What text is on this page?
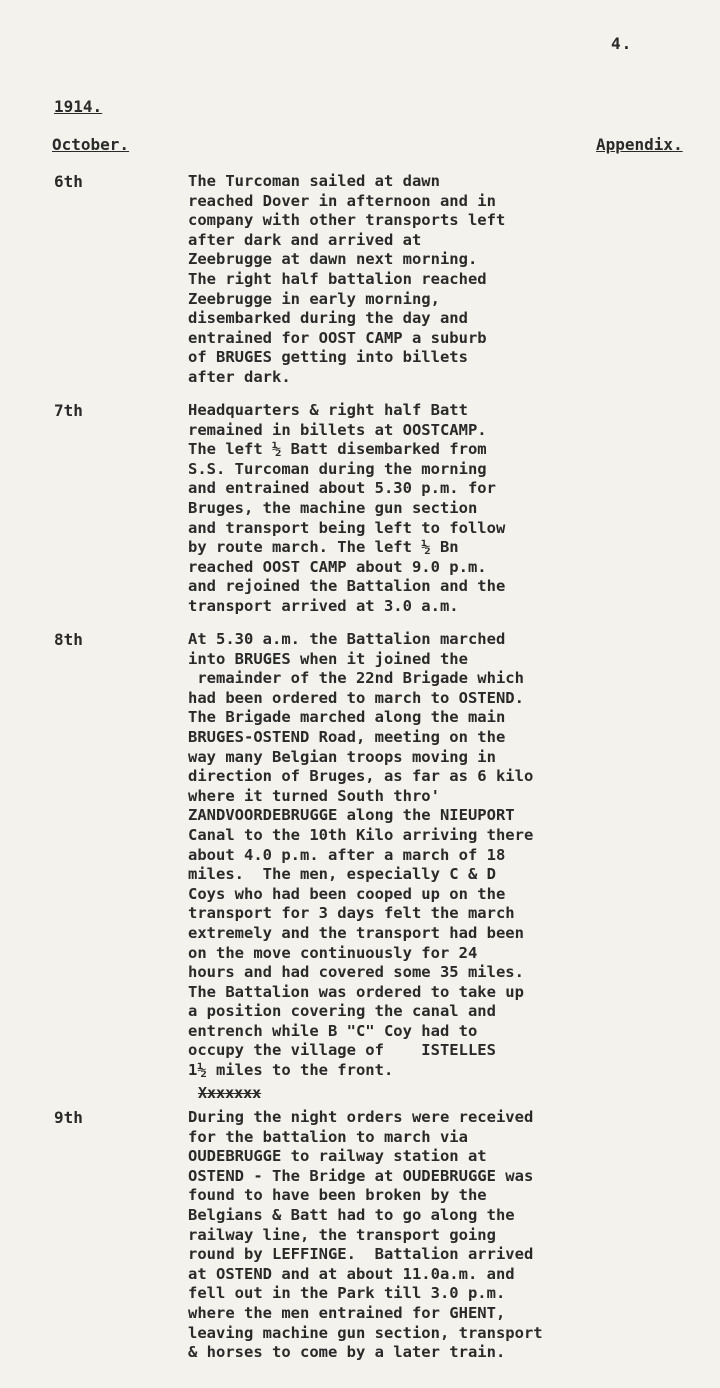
4.
1914.
October.	Appendix.
6th	The Turcoman sailed at dawn
reached Dover in afternoon and in
company with other transports left
after dark and arrived at
Zeebrugge at dawn next morning.
The right half battalion reached
Zeebrugge in early morning,
disembarked during the day and
entrained for OOST CAMP a suburb
of BRUGES getting into billets
after dark.
7th	Headquarters & right half Batt
remained in billets at OOSTCAMP.
The left ½ Batt disembarked from
S.S. Turcoman during the morning
and entrained about 5.30 p.m. for
Bruges, the machine gun section
and transport being left to follow
by route march. The left ½ Bn
reached OOST CAMP about 9.0 p.m.
and rejoined the Battalion and the
transport arrived at 3.0 a.m.
8th	At 5.30 a.m. the Battalion marched
into BRUGES when it joined the
remainder of the 22nd Brigade which
had been ordered to march to OSTEND.
The Brigade marched along the main
BRUGES-OSTEND Road, meeting on the
way many Belgian troops moving in
direction of Bruges, as far as 6 kilo
where it turned South thro'
ZANDVOORDEBRUGGE along the NIEUPORT
Canal to the 10th Kilo arriving there
about 4.0 p.m. after a march of 18
miles.  The men, especially C & D
Coys who had been cooped up on the
transport for 3 days felt the march
extremely and the transport had been
on the move continuously for 24
hours and had covered some 35 miles.
The Battalion was ordered to take up
a position covering the canal and
entrench while B "C" Coy had to
occupy the village of    ISTELLES
1½ miles to the front.
Xxxxxxx
9th	During the night orders were received
for the battalion to march via
OUDEBRUGGE to railway station at
OSTEND - The Bridge at OUDEBRUGGE was
found to have been broken by the
Belgians & Batt had to go along the
railway line, the transport going
round by LEFFINGE.  Battalion arrived
at OSTEND and at about 11.0a.m. and
fell out in the Park till 3.0 p.m.
where the men entrained for GHENT,
leaving machine gun section, transport
& horses to come by a later train.
